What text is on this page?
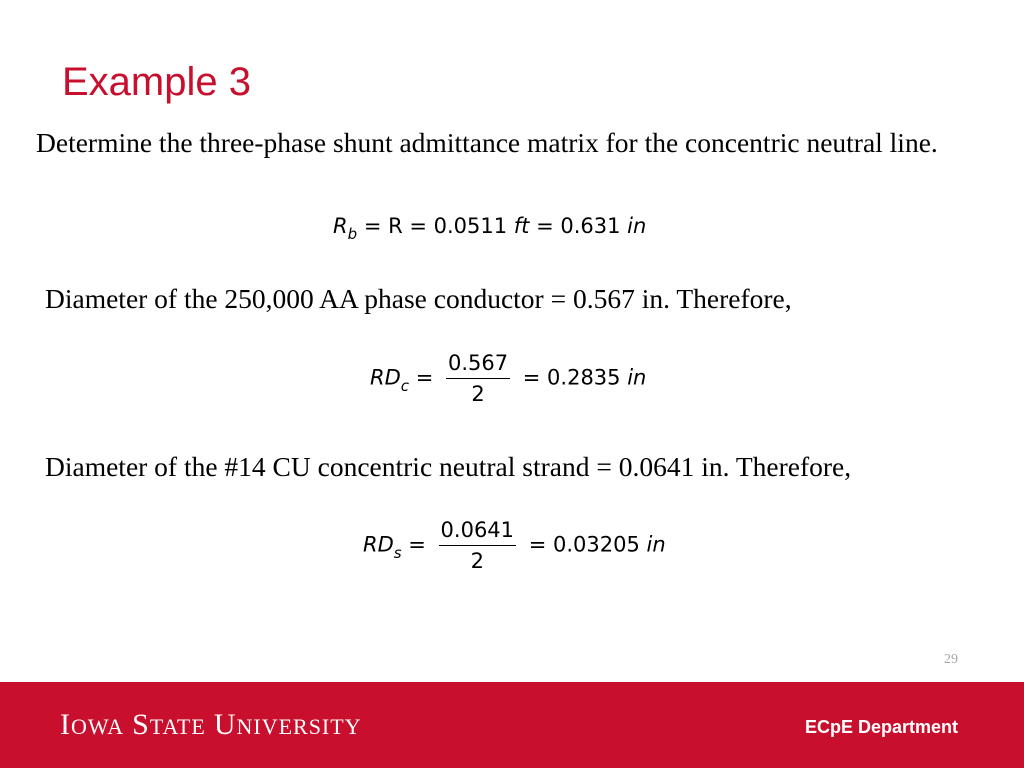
Example 3
Determine the three-phase shunt admittance matrix for the concentric neutral line.
$R_b = R = 0.0511$ ft = 0.631 in
Diameter of the 250,000 AA phase conductor = 0.567 in. Therefore,
$RD_c = \frac{0.567}{2} = 0.2835$ in
Diameter of the #14 CU concentric neutral strand = 0.0641 in. Therefore,
$RD_s = \frac{0.0641}{2} = 0.03205$ in
29
IOWA STATE UNIVERSITY	ECpE Department
